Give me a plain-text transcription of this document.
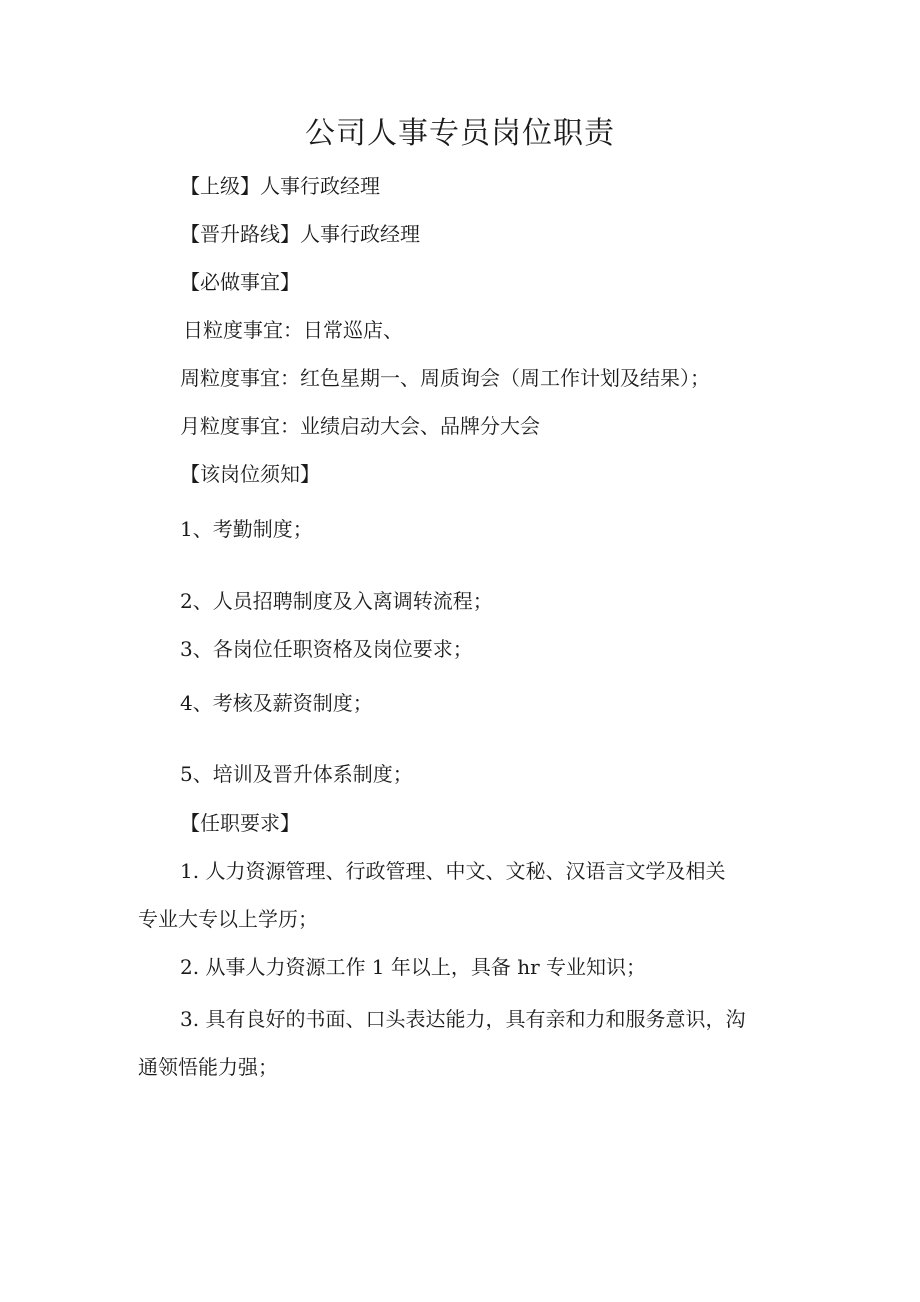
公司人事专员岗位职责
【上级】人事行政经理
【晋升路线】人事行政经理
【必做事宜】
日粒度事宜：日常巡店、
周粒度事宜：红色星期一、周质询会（周工作计划及结果）；
月粒度事宜：业绩启动大会、品牌分大会
【该岗位须知】
1、考勤制度；
2、人员招聘制度及入离调转流程；
3、各岗位任职资格及岗位要求；
4、考核及薪资制度；
5、培训及晋升体系制度；
【任职要求】
1. 人力资源管理、行政管理、中文、文秘、汉语言文学及相关
专业大专以上学历；
2. 从事人力资源工作 1 年以上，具备 hr 专业知识；
3. 具有良好的书面、口头表达能力，具有亲和力和服务意识，沟
通领悟能力强；
